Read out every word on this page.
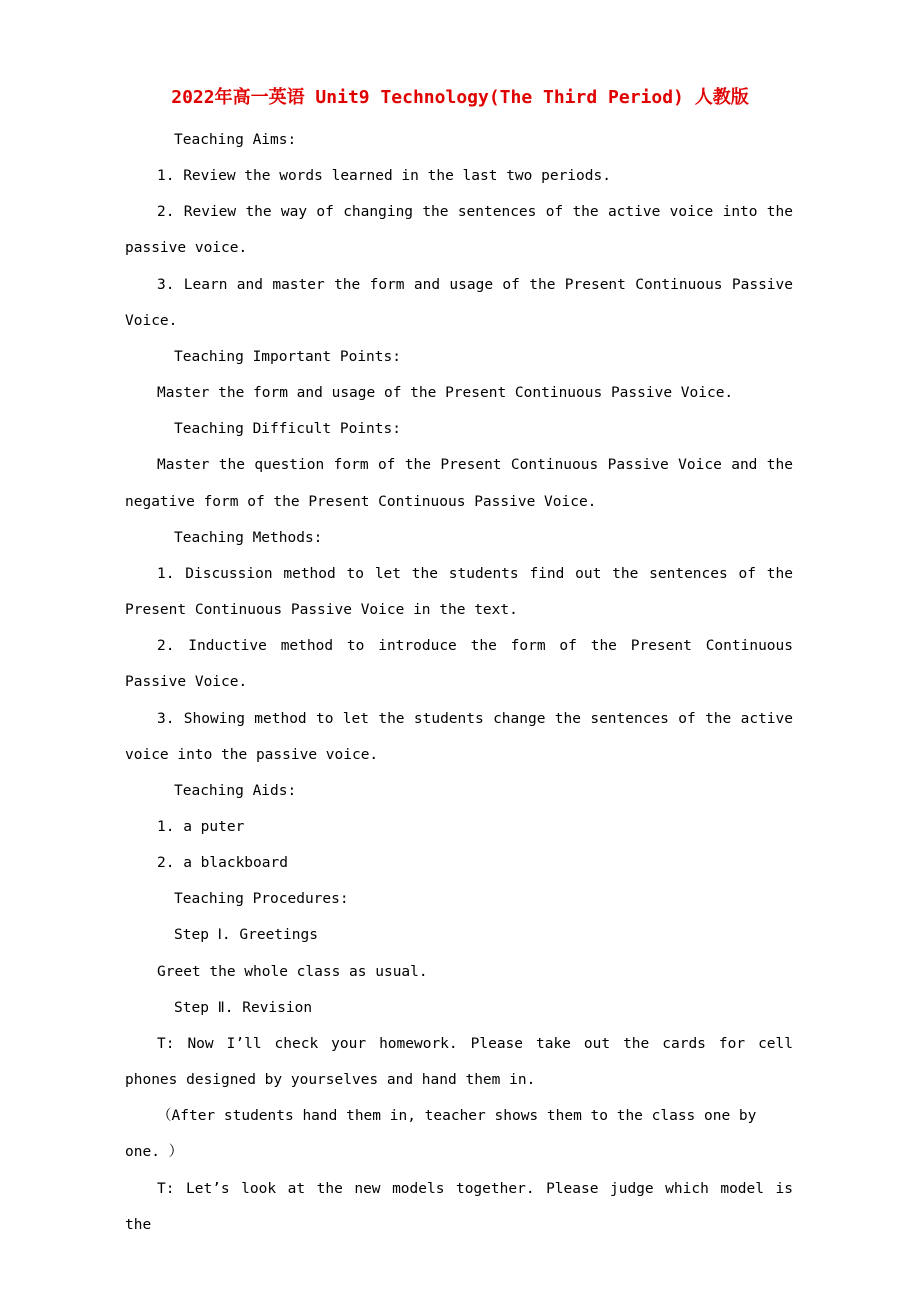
2022年高一英语 Unit9 Technology(The Third Period) 人教版

Teaching Aims:

1. Review the words learned in the last two periods.

2. Review the way of changing the sentences of the active voice into the passive voice.

3. Learn and master the form and usage of the Present Continuous Passive Voice.

Teaching Important Points:

Master the form and usage of the Present Continuous Passive Voice.

Teaching Difficult Points:

Master the question form of the Present Continuous Passive Voice and the negative form of the Present Continuous Passive Voice.

Teaching Methods:

1. Discussion method to let the students find out the sentences of the Present Continuous Passive Voice in the text.

2. Inductive method to introduce the form of the Present Continuous Passive Voice.

3. Showing method to let the students change the sentences of the active voice into the passive voice.

Teaching Aids:

1. a puter

2. a blackboard

Teaching Procedures:

Step Ⅰ. Greetings

Greet the whole class as usual.

Step Ⅱ. Revision

T: Now I’ll check your homework. Please take out the cards for cell phones designed by yourselves and hand them in.

（After students hand them in, teacher shows them to the class one by one. ）

T: Let’s look at the new models together. Please judge which model is the
